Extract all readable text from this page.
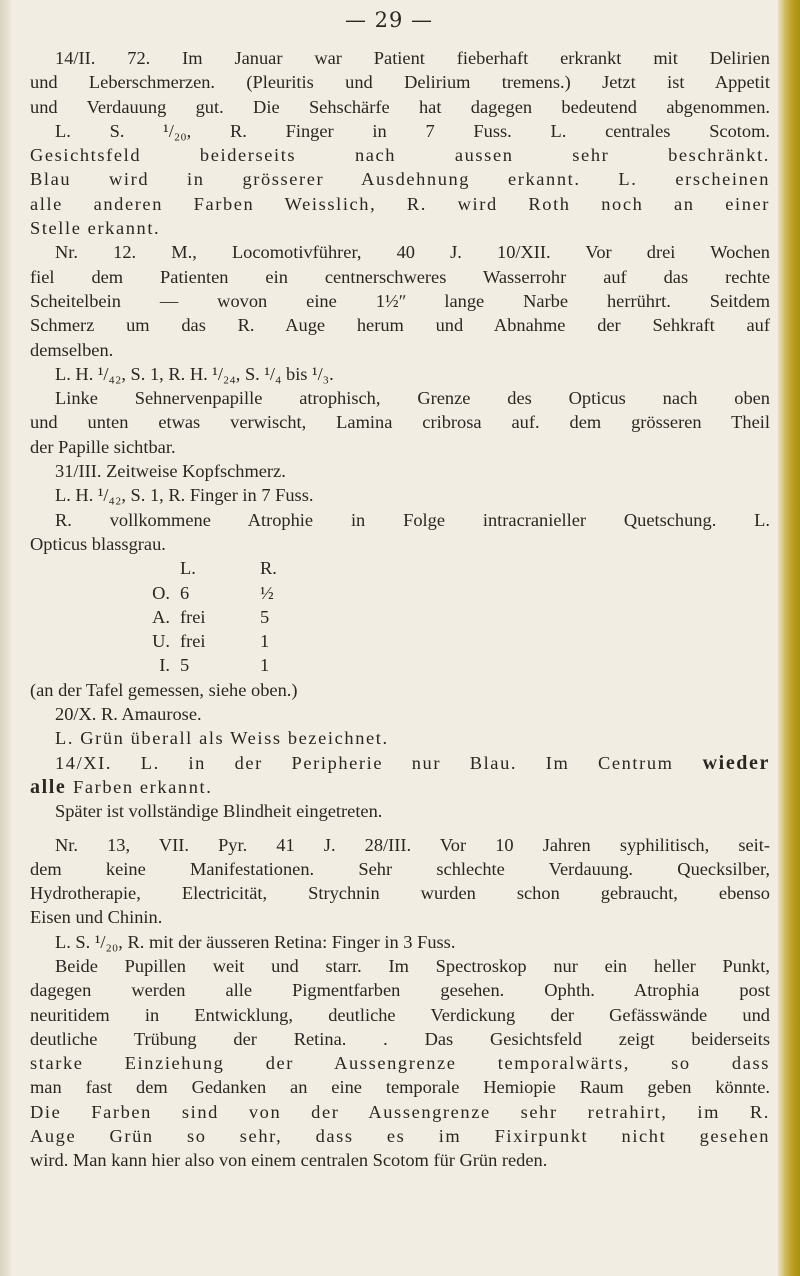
— 29 —
14/II. 72. Im Januar war Patient fieberhaft erkrankt mit Delirien
und Leberschmerzen. (Pleuritis und Delirium tremens.) Jetzt ist Appetit
und Verdauung gut. Die Sehschärfe hat dagegen bedeutend abgenommen.
L. S. ¹/₂₀, R. Finger in 7 Fuss. L. centrales Scotom.
Gesichtsfeld beiderseits nach aussen sehr beschränkt.
Blau wird in grösserer Ausdehnung erkannt. L. erscheinen
alle anderen Farben Weisslich, R. wird Roth noch an einer
Stelle erkannt.
Nr. 12. M., Locomotivführer, 40 J. 10/XII. Vor drei Wochen
fiel dem Patienten ein centnerschweres Wasserrohr auf das rechte
Scheitelbein — wovon eine 1½ʺ lange Narbe herrührt. Seitdem
Schmerz um das R. Auge herum und Abnahme der Sehkraft auf
demselben.
L. H. ¹/₄₂, S. 1, R. H. ¹/₂₄, S. ¹/₄ bis ¹/₃.
Linke Sehnervenpapille atrophisch, Grenze des Opticus nach oben
und unten etwas verwischt, Lamina cribrosa auf. dem grösseren Theil
der Papille sichtbar.
31/III. Zeitweise Kopfschmerz.
L. H. ¹/₄₂, S. 1, R. Finger in 7 Fuss.
R. vollkommene Atrophie in Folge intracranieller Quetschung. L.
Opticus blassgrau.
L.	R.
O. 6	½
A. frei	5
U. frei	1
I. 5	1
(an der Tafel gemessen, siehe oben.)
20/X. R. Amaurose.
L. Grün überall als Weiss bezeichnet.
14/XI. L. in der Peripherie nur Blau. Im Centrum wieder
alle Farben erkannt.
Später ist vollständige Blindheit eingetreten.
Nr. 13, VII. Pyr. 41 J. 28/III. Vor 10 Jahren syphilitisch, seit-
dem keine Manifestationen. Sehr schlechte Verdauung. Quecksilber,
Hydrotherapie, Electricität, Strychnin wurden schon gebraucht, ebenso
Eisen und Chinin.
L. S. ¹/₂₀, R. mit der äusseren Retina: Finger in 3 Fuss.
Beide Pupillen weit und starr. Im Spectroskop nur ein heller Punkt,
dagegen werden alle Pigmentfarben gesehen. Ophth. Atrophia post
neuritidem in Entwicklung, deutliche Verdickung der Gefässwände und
deutliche Trübung der Retina. . Das Gesichtsfeld zeigt beiderseits
starke Einziehung der Aussengrenze temporalwärts, so dass
man fast dem Gedanken an eine temporale Hemiopie Raum geben könnte.
Die Farben sind von der Aussengrenze sehr retrahirt, im R.
Auge Grün so sehr, dass es im Fixirpunkt nicht gesehen
wird. Man kann hier also von einem centralen Scotom für Grün reden.
